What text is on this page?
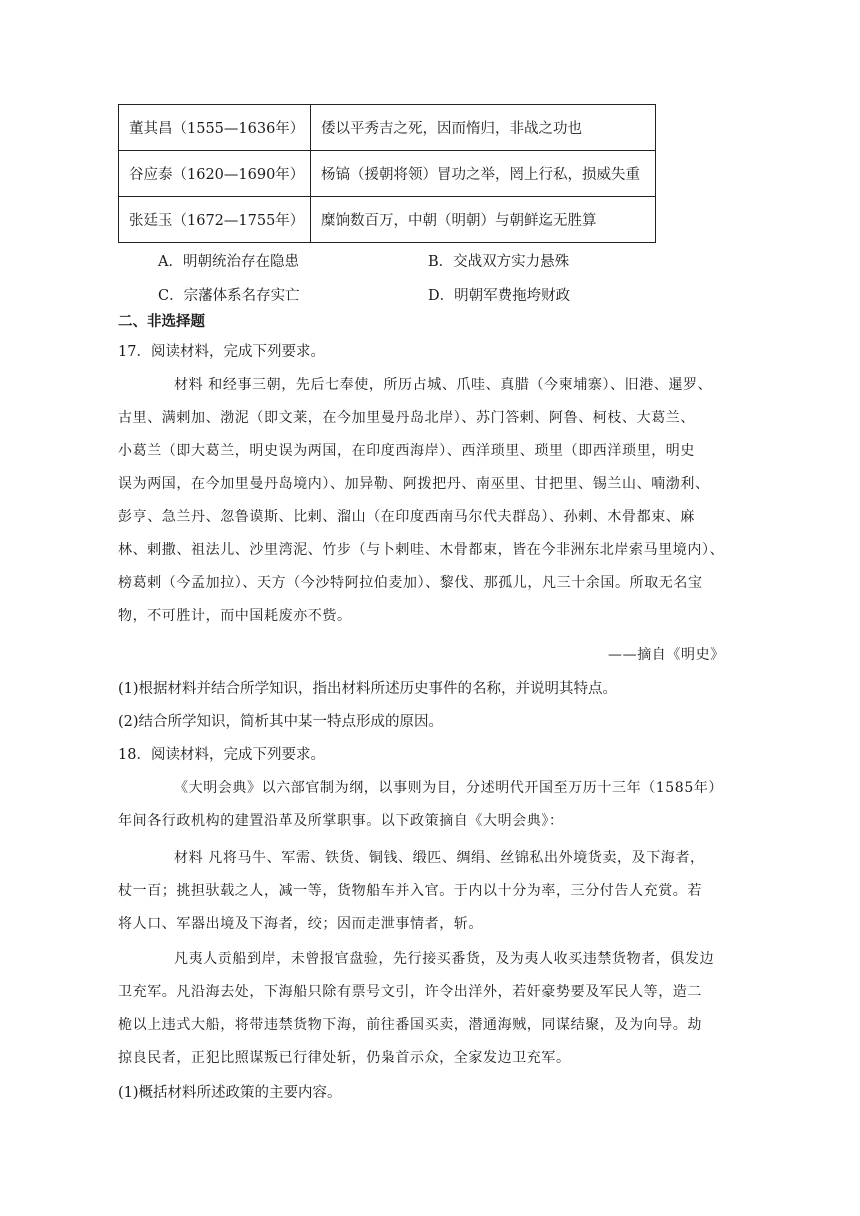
董其昌（1555—1636年）	倭以平秀吉之死，因而惰归，非战之功也
谷应泰（1620—1690年）	杨镐（援朝将领）冒功之举，罔上行私，损威失重
张廷玉（1672—1755年）	糜饷数百万，中朝（明朝）与朝鲜迄无胜算
A．明朝统治存在隐患	B．交战双方实力悬殊
C．宗藩体系名存实亡	D．明朝军费拖垮财政
二、非选择题
17．阅读材料，完成下列要求。
材料 和经事三朝，先后七奉使，所历占城、爪哇、真腊（今柬埔寨）、旧港、暹罗、
古里、满剌加、渤泥（即文莱，在今加里曼丹岛北岸）、苏门答剌、阿鲁、柯枝、大葛兰、
小葛兰（即大葛兰，明史误为两国，在印度西海岸）、西洋琐里、琐里（即西洋琐里，明史
误为两国，在今加里曼丹岛境内）、加异勒、阿拨把丹、南巫里、甘把里、锡兰山、喃渤利、
彭亨、急兰丹、忽鲁谟斯、比剌、溜山（在印度西南马尔代夫群岛）、孙剌、木骨都束、麻
林、剌撒、祖法儿、沙里湾泥、竹步（与卜剌哇、木骨都束，皆在今非洲东北岸索马里境内）、
榜葛剌（今孟加拉）、天方（今沙特阿拉伯麦加）、黎伐、那孤儿，凡三十余国。所取无名宝
物，不可胜计，而中国耗废亦不赀。
——摘自《明史》
(1)根据材料并结合所学知识，指出材料所述历史事件的名称，并说明其特点。
(2)结合所学知识，简析其中某一特点形成的原因。
18．阅读材料，完成下列要求。
《大明会典》以六部官制为纲，以事则为目，分述明代开国至万历十三年（1585年）
年间各行政机构的建置沿革及所掌职事。以下政策摘自《大明会典》：
材料 凡将马牛、军需、铁货、铜钱、缎匹、绸绢、丝锦私出外境货卖，及下海者，
杖一百；挑担驮载之人，减一等，货物船车并入官。于内以十分为率，三分付告人充赏。若
将人口、军器出境及下海者，绞；因而走泄事情者，斩。
凡夷人贡船到岸，未曾报官盘验，先行接买番货，及为夷人收买违禁货物者，俱发边
卫充军。凡沿海去处，下海船只除有票号文引，许令出洋外，若奸豪势要及军民人等，造二
桅以上违式大船，将带违禁货物下海，前往番国买卖，潜通海贼，同谋结聚，及为向导。劫
掠良民者，正犯比照谋叛已行律处斩，仍枭首示众，全家发边卫充军。
(1)概括材料所述政策的主要内容。
